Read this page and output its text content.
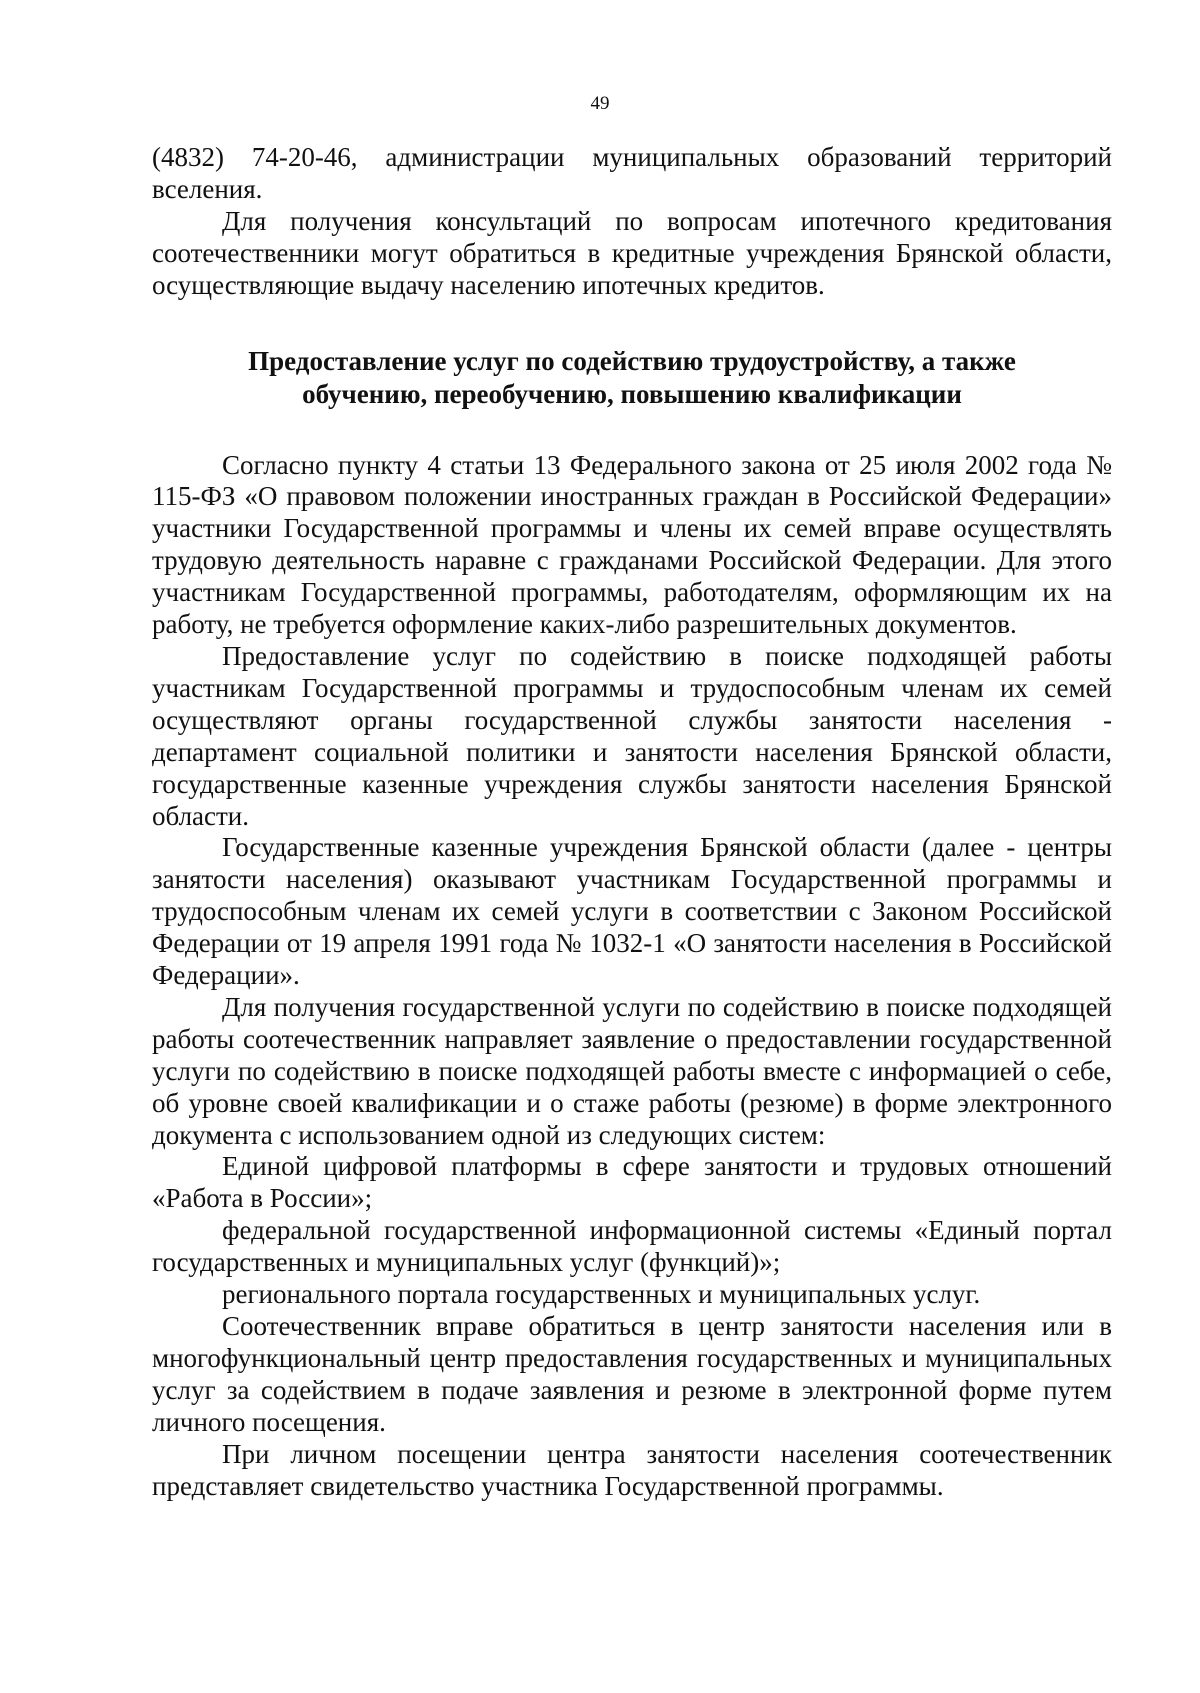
49

(4832) 74-20-46, администрации муниципальных образований территорий вселения.

Для получения консультаций по вопросам ипотечного кредитования соотечественники могут обратиться в кредитные учреждения Брянской области, осуществляющие выдачу населению ипотечных кредитов.

Предоставление услуг по содействию трудоустройству, а также обучению, переобучению, повышению квалификации

Согласно пункту 4 статьи 13 Федерального закона от 25 июля 2002 года № 115-ФЗ «О правовом положении иностранных граждан в Российской Федерации» участники Государственной программы и члены их семей вправе осуществлять трудовую деятельность наравне с гражданами Российской Федерации. Для этого участникам Государственной программы, работодателям, оформляющим их на работу, не требуется оформление каких-либо разрешительных документов.

Предоставление услуг по содействию в поиске подходящей работы участникам Государственной программы и трудоспособным членам их семей осуществляют органы государственной службы занятости населения - департамент социальной политики и занятости населения Брянской области, государственные казенные учреждения службы занятости населения Брянской области.

Государственные казенные учреждения Брянской области (далее - центры занятости населения) оказывают участникам Государственной программы и трудоспособным членам их семей услуги в соответствии с Законом Российской Федерации от 19 апреля 1991 года № 1032-1 «О занятости населения в Российской Федерации».

Для получения государственной услуги по содействию в поиске подходящей работы соотечественник направляет заявление о предоставлении государственной услуги по содействию в поиске подходящей работы вместе с информацией о себе, об уровне своей квалификации и о стаже работы (резюме) в форме электронного документа с использованием одной из следующих систем:

Единой цифровой платформы в сфере занятости и трудовых отношений «Работа в России»;

федеральной государственной информационной системы «Единый портал государственных и муниципальных услуг (функций)»;

регионального портала государственных и муниципальных услуг.

Соотечественник вправе обратиться в центр занятости населения или в многофункциональный центр предоставления государственных и муниципальных услуг за содействием в подаче заявления и резюме в электронной форме путем личного посещения.

При личном посещении центра занятости населения соотечественник представляет свидетельство участника Государственной программы.
